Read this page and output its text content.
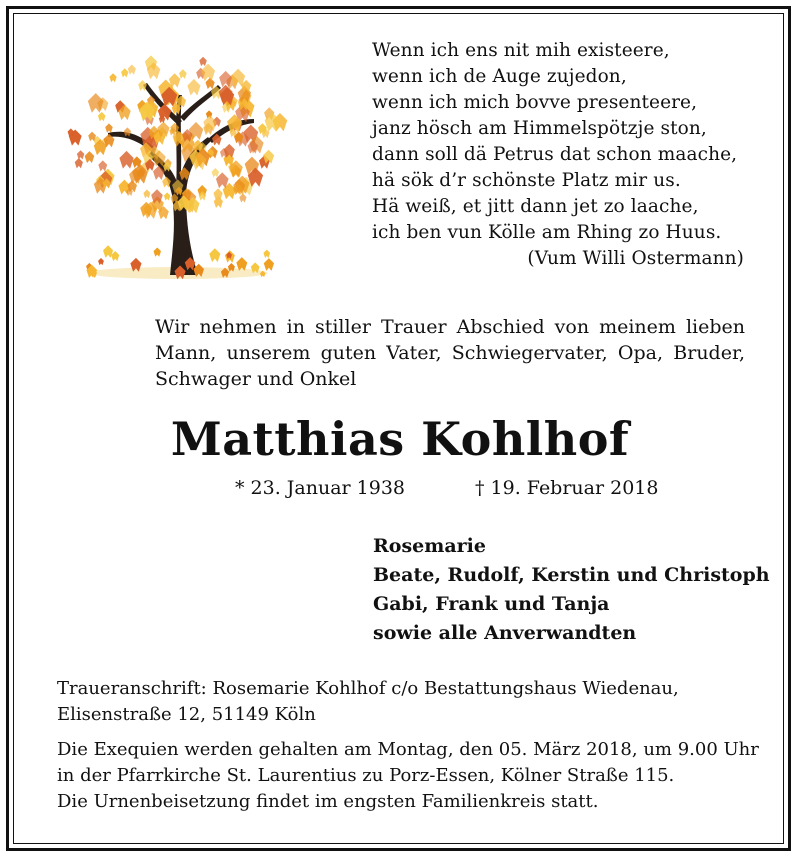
Wenn ich ens nit mih existeere,
wenn ich de Auge zujedon,
wenn ich mich bovve presenteere,
janz hösch am Himmelspötzje ston,
dann soll dä Petrus dat schon maache,
hä sök d’r schönste Platz mir us.
Hä weiß, et jitt dann jet zo laache,
ich ben vun Kölle am Rhing zo Huus.
(Vum Willi Ostermann)
Wir nehmen in stiller Trauer Abschied von meinem lieben Mann, unserem guten Vater, Schwiegervater, Opa, Bruder, Schwager und Onkel
Matthias Kohlhof
* 23. Januar 1938	† 19. Februar 2018
Rosemarie
Beate, Rudolf, Kerstin und Christoph
Gabi, Frank und Tanja
sowie alle Anverwandten
Traueranschrift: Rosemarie Kohlhof c/o Bestattungshaus Wiedenau,
Elisenstraße 12, 51149 Köln
Die Exequien werden gehalten am Montag, den 05. März 2018, um 9.00 Uhr
in der Pfarrkirche St. Laurentius zu Porz-Essen, Kölner Straße 115.
Die Urnenbeisetzung findet im engsten Familienkreis statt.
